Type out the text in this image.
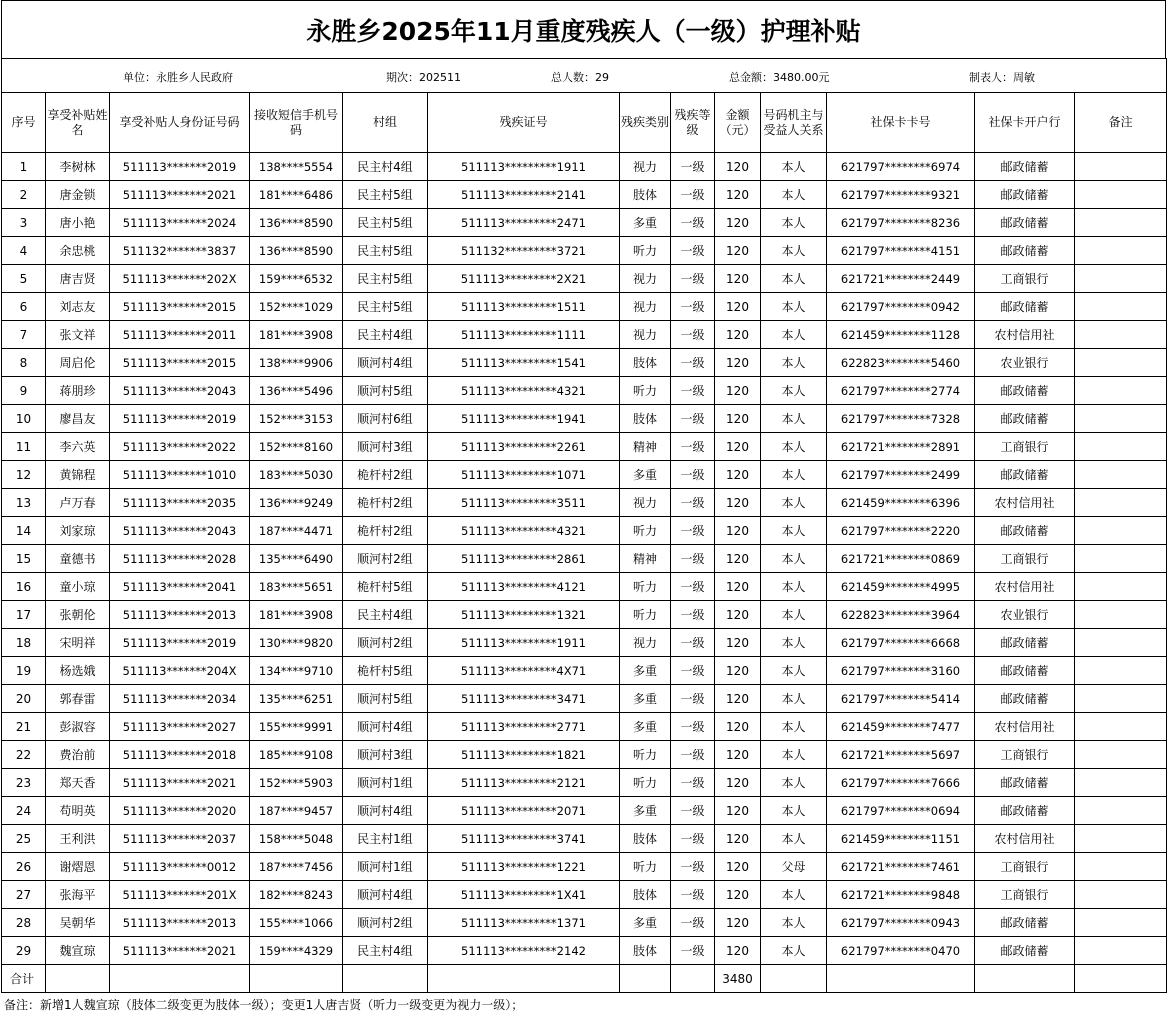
永胜乡2025年11月重度残疾人（一级）护理补贴
单位：永胜乡人民政府 期次：202511 总人数：29 总金额：3480.00元 制表人：周敏												

序号	享受补贴姓名	享受补贴人身份证号码	接收短信手机号码	村组	残疾证号	残疾类别	残疾等级	金额（元）	号码机主与受益人关系	社保卡卡号	社保卡开户行	备注
1	李树林	511113*******2019	138****5554	民主村4组	511113*********1911	视力	一级	120	本人	621797********6974	邮政储蓄	
2	唐金锁	511113*******2021	181****6486	民主村5组	511113*********2141	肢体	一级	120	本人	621797********9321	邮政储蓄	
3	唐小艳	511113*******2024	136****8590	民主村5组	511113*********2471	多重	一级	120	本人	621797********8236	邮政储蓄	
4	余忠桃	511132*******3837	136****8590	民主村5组	511132*********3721	听力	一级	120	本人	621797********4151	邮政储蓄	
5	唐吉贤	511113*******202X	159****6532	民主村5组	511113*********2X21	视力	一级	120	本人	621721********2449	工商银行	
6	刘志友	511113*******2015	152****1029	民主村5组	511113*********1511	视力	一级	120	本人	621797********0942	邮政储蓄	
7	张文祥	511113*******2011	181****3908	民主村4组	511113*********1111	视力	一级	120	本人	621459********1128	农村信用社	
8	周启伦	511113*******2015	138****9906	顺河村4组	511113*********1541	肢体	一级	120	本人	622823********5460	农业银行	
9	蒋朋珍	511113*******2043	136****5496	顺河村5组	511113*********4321	听力	一级	120	本人	621797********2774	邮政储蓄	
10	廖昌友	511113*******2019	152****3153	顺河村6组	511113*********1941	肢体	一级	120	本人	621797********7328	邮政储蓄	
11	李六英	511113*******2022	152****8160	顺河村3组	511113*********2261	精神	一级	120	本人	621721********2891	工商银行	
12	黄锦程	511113*******1010	183****5030	桅杆村2组	511113*********1071	多重	一级	120	本人	621797********2499	邮政储蓄	
13	卢万春	511113*******2035	136****9249	桅杆村2组	511113*********3511	视力	一级	120	本人	621459********6396	农村信用社	
14	刘家琼	511113*******2043	187****4471	桅杆村2组	511113*********4321	听力	一级	120	本人	621797********2220	邮政储蓄	
15	童德书	511113*******2028	135****6490	顺河村2组	511113*********2861	精神	一级	120	本人	621721********0869	工商银行	
16	童小琼	511113*******2041	183****5651	桅杆村5组	511113*********4121	听力	一级	120	本人	621459********4995	农村信用社	
17	张朝伦	511113*******2013	181****3908	民主村4组	511113*********1321	听力	一级	120	本人	622823********3964	农业银行	
18	宋明祥	511113*******2019	130****9820	顺河村2组	511113*********1911	视力	一级	120	本人	621797********6668	邮政储蓄	
19	杨选娥	511113*******204X	134****9710	桅杆村5组	511113*********4X71	多重	一级	120	本人	621797********3160	邮政储蓄	
20	郭春雷	511113*******2034	135****6251	顺河村5组	511113*********3471	多重	一级	120	本人	621797********5414	邮政储蓄	
21	彭淑容	511113*******2027	155****9991	顺河村4组	511113*********2771	多重	一级	120	本人	621459********7477	农村信用社	
22	费治前	511113*******2018	185****9108	顺河村3组	511113*********1821	听力	一级	120	本人	621721********5697	工商银行	
23	郑天香	511113*******2021	152****5903	顺河村1组	511113*********2121	听力	一级	120	本人	621797********7666	邮政储蓄	
24	苟明英	511113*******2020	187****9457	顺河村4组	511113*********2071	多重	一级	120	本人	621797********0694	邮政储蓄	
25	王利洪	511113*******2037	158****5048	民主村1组	511113*********3741	肢体	一级	120	本人	621459********1151	农村信用社	
26	谢熠恩	511113*******0012	187****7456	顺河村1组	511113*********1221	听力	一级	120	父母	621721********7461	工商银行	
27	张海平	511113*******201X	182****8243	顺河村4组	511113*********1X41	肢体	一级	120	本人	621721********9848	工商银行	
28	吴朝华	511113*******2013	155****1066	顺河村2组	511113*********1371	多重	一级	120	本人	621797********0943	邮政储蓄	
29	魏宣琼	511113*******2021	159****4329	民主村4组	511113*********2142	肢体	一级	120	本人	621797********0470	邮政储蓄	
合计								3480				
备注：新增1人魏宣琼（肢体二级变更为肢体一级）；变更1人唐吉贤（听力一级变更为视力一级）；
